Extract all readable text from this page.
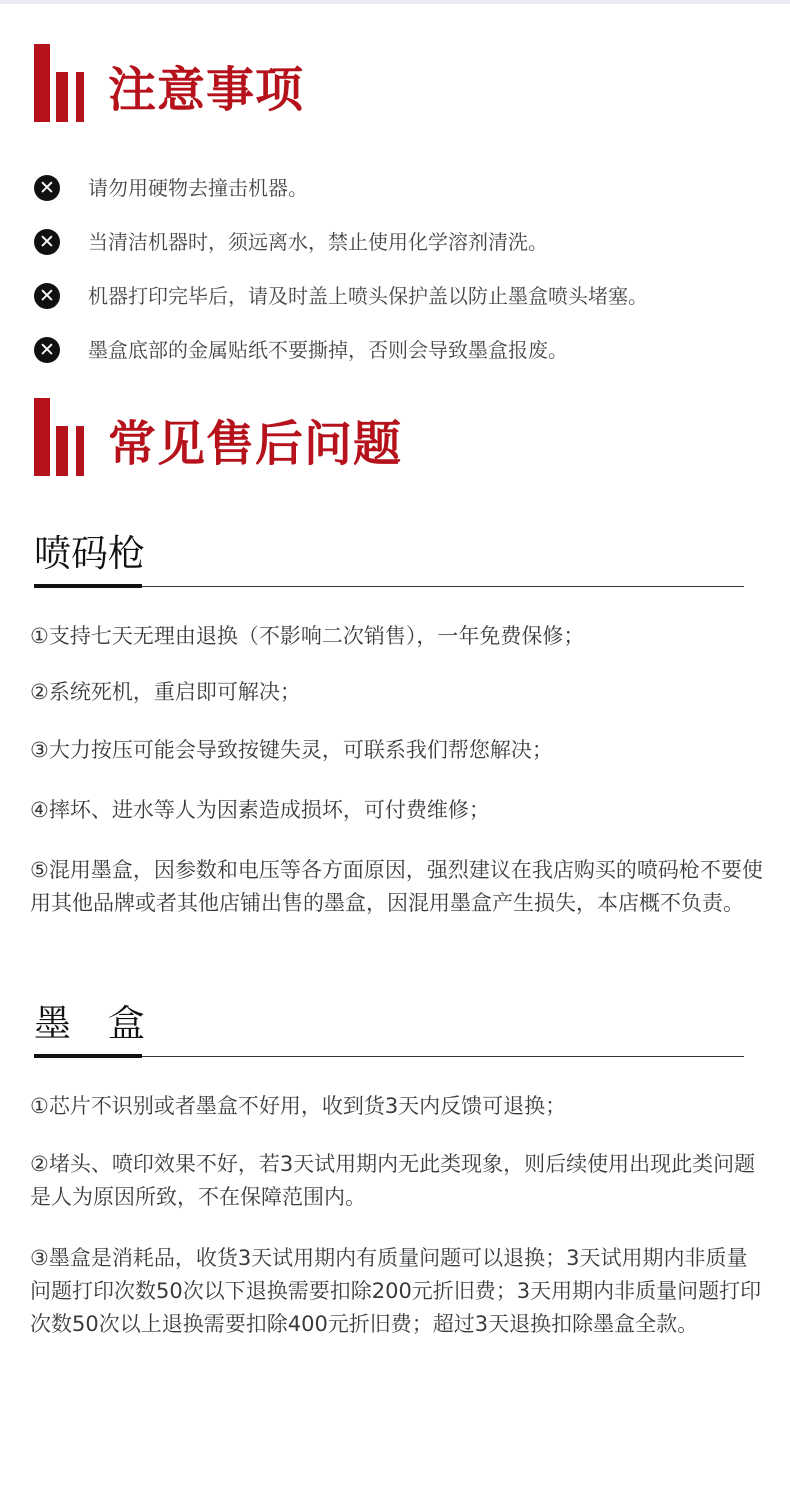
注意事项
✕ 请勿用硬物去撞击机器。
✕ 当清洁机器时，须远离水，禁止使用化学溶剂清洗。
✕ 机器打印完毕后，请及时盖上喷头保护盖以防止墨盒喷头堵塞。
✕ 墨盒底部的金属贴纸不要撕掉，否则会导致墨盒报废。
常见售后问题
喷码枪
①支持七天无理由退换（不影响二次销售），一年免费保修；
②系统死机，重启即可解决；
③大力按压可能会导致按键失灵，可联系我们帮您解决；
④摔坏、进水等人为因素造成损坏，可付费维修；
⑤混用墨盒，因参数和电压等各方面原因，强烈建议在我店购买的喷码枪不要使用其他品牌或者其他店铺出售的墨盒，因混用墨盒产生损失，本店概不负责。
墨　盒
①芯片不识别或者墨盒不好用，收到货3天内反馈可退换；
②堵头、喷印效果不好，若3天试用期内无此类现象，则后续使用出现此类问题是人为原因所致，不在保障范围内。
③墨盒是消耗品，收货3天试用期内有质量问题可以退换；3天试用期内非质量问题打印次数50次以下退换需要扣除200元折旧费；3天用期内非质量问题打印次数50次以上退换需要扣除400元折旧费；超过3天退换扣除墨盒全款。
